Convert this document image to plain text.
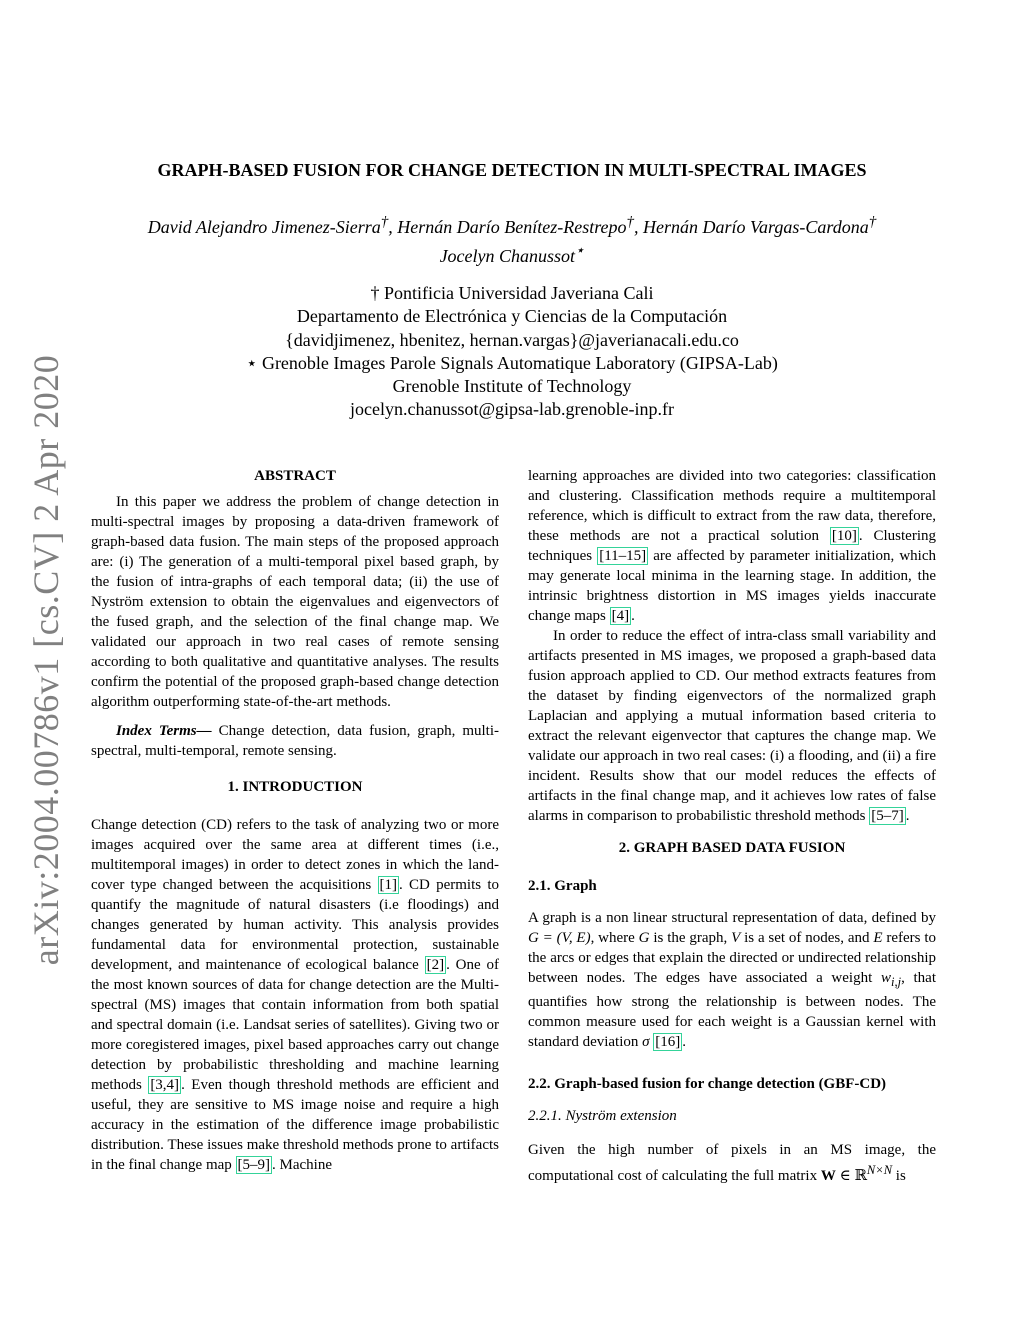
arXiv:2004.00786v1 [cs.CV] 2 Apr 2020
GRAPH-BASED FUSION FOR CHANGE DETECTION IN MULTI-SPECTRAL IMAGES
David Alejandro Jimenez-Sierra†, Hernán Darío Benítez-Restrepo†, Hernán Darío Vargas-Cardona†
Jocelyn Chanussot⋆
† Pontificia Universidad Javeriana Cali
Departamento de Electrónica y Ciencias de la Computación
{davidjimenez, hbenitez, hernan.vargas}@javerianacali.edu.co
⋆ Grenoble Images Parole Signals Automatique Laboratory (GIPSA-Lab)
Grenoble Institute of Technology
jocelyn.chanussot@gipsa-lab.grenoble-inp.fr

ABSTRACT

In this paper we address the problem of change detection in multi-spectral images by proposing a data-driven framework of graph-based data fusion. The main steps of the proposed approach are: (i) The generation of a multi-temporal pixel based graph, by the fusion of intra-graphs of each temporal data; (ii) the use of Nyström extension to obtain the eigenvalues and eigenvectors of the fused graph, and the selection of the final change map. We validated our approach in two real cases of remote sensing according to both qualitative and quantitative analyses. The results confirm the potential of the proposed graph-based change detection algorithm outperforming state-of-the-art methods.

Index Terms— Change detection, data fusion, graph, multi-spectral, multi-temporal, remote sensing.

1. INTRODUCTION

Change detection (CD) refers to the task of analyzing two or more images acquired over the same area at different times (i.e., multitemporal images) in order to detect zones in which the land-cover type changed between the acquisitions [1] . CD permits to quantify the magnitude of natural disasters (i.e floodings) and changes generated by human activity. This analysis provides fundamental data for environmental protection, sustainable development, and maintenance of ecological balance [2] . One of the most known sources of data for change detection are the Multi-spectral (MS) images that contain information from both spatial and spectral domain (i.e. Landsat series of satellites). Giving two or more coregistered images, pixel based approaches carry out change detection by probabilistic thresholding and machine learning methods [3,4] . Even though threshold methods are efficient and useful, they are sensitive to MS image noise and require a high accuracy in the estimation of the difference image probabilistic distribution. These issues make threshold methods prone to artifacts in the final change map [5–9] . Machine

learning approaches are divided into two categories: classification and clustering. Classification methods require a multitemporal reference, which is difficult to extract from the raw data, therefore, these methods are not a practical solution [10] . Clustering techniques [11–15] are affected by parameter initialization, which may generate local minima in the learning stage. In addition, the intrinsic brightness distortion in MS images yields inaccurate change maps [4] .

In order to reduce the effect of intra-class small variability and artifacts presented in MS images, we proposed a graph-based data fusion approach applied to CD. Our method extracts features from the dataset by finding eigenvectors of the normalized graph Laplacian and applying a mutual information based criteria to extract the relevant eigenvector that captures the change map. We validate our approach in two real cases: (i) a flooding, and (ii) a fire incident. Results show that our model reduces the effects of artifacts in the final change map, and it achieves low rates of false alarms in comparison to probabilistic threshold methods [5–7] .

2. GRAPH BASED DATA FUSION

2.1. Graph

A graph is a non linear structural representation of data, defined by G = (V, E), where G is the graph, V is a set of nodes, and E refers to the arcs or edges that explain the directed or undirected relationship between nodes. The edges have associated a weight $w_{i,j}$, that quantifies how strong the relationship is between nodes. The common measure used for each weight is a Gaussian kernel with standard deviation σ [16] .

2.2. Graph-based fusion for change detection (GBF-CD)

2.2.1. Nyström extension

Given the high number of pixels in an MS image, the computational cost of calculating the full matrix W ∈ ℝ$^{N\times N}$ is
